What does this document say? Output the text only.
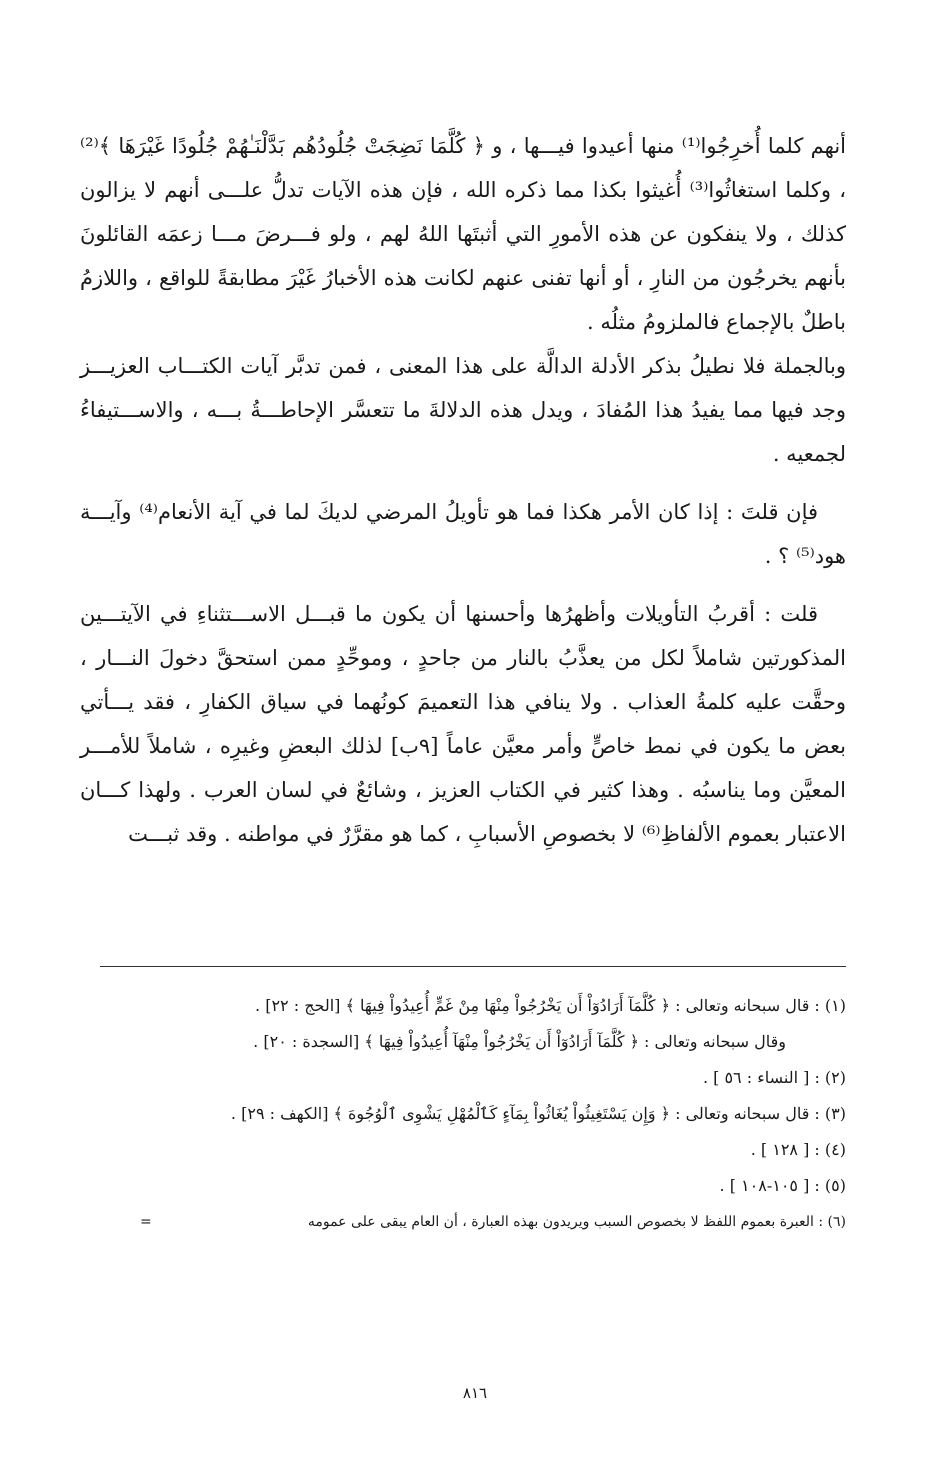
أنهم كلما أُخرِجُوا⁽¹⁾ منها أعيدوا فيـــها ، و ﴿ كُلَّمَا نَضِجَتْ جُلُودُهُم بَدَّلْنَـٰهُمْ جُلُودًا غَيْرَهَا ﴾⁽²⁾ ، وكلما استغاثُوا⁽³⁾ أُغيثوا بكذا مما ذكره الله ، فإن هذه الآيات تدلُّ علـــى أنهم لا يزالون كذلك ، ولا ينفكون عن هذه الأمورِ التي أثبتَها اللهُ لهم ، ولو فـــرضَ مـــا زعمَه القائلونَ بأنهم يخرجُون من النارِ ، أو أنها تفنى عنهم لكانت هذه الأخبارُ غَيْرَ مطابقةً للواقع ، واللازمُ باطلٌ بالإجماع فالملزومُ مثلُه .

وبالجملة فلا نطيلُ بذكر الأدلة الدالَّة على هذا المعنى ، فمن تدبَّر آيات الكتـــاب العزيـــز وجد فيها مما يفيدُ هذا المُفادَ ، ويدل هذه الدلالةَ ما تتعسَّر الإحاطـــةُ بـــه ، والاســـتيفاءُ لجمعيه .

فإن قلتَ : إذا كان الأمر هكذا فما هو تأويلُ المرضي لديكَ لما في آية الأنعام⁽⁴⁾ وآيـــة هود⁽⁵⁾ ؟ .

قلت : أقربُ التأويلات وأظهرُها وأحسنها أن يكون ما قبـــل الاســـتثناءِ في الآيتـــين المذكورتين شاملاً لكل من يعذَّبُ بالنار من جاحدٍ ، وموحِّدٍ ممن استحقَّ دخولَ النـــار ، وحقَّت عليه كلمةُ العذاب . ولا ينافي هذا التعميمَ كونُهما في سياق الكفارِ ، فقد يـــأتي بعض ما يكون في نمط خاصٍّ وأمر معيَّن عاماً [٩ب] لذلك البعضِ وغيرِه ، شاملاً للأمـــر المعيَّن وما يناسبُه . وهذا كثير في الكتاب العزيز ، وشائعٌ في لسان العرب . ولهذا كـــان الاعتبار بعموم الألفاظِ⁽⁶⁾ لا بخصوصِ الأسبابِ ، كما هو مقرَّرٌ في مواطنه . وقد ثبـــت

(١) : قال سبحانه وتعالى : ﴿ كُلَّمَآ أَرَادُوٓاْ أَن يَخْرُجُواْ مِنْهَا مِنْ غَمٍّ أُعِيدُواْ فِيهَا ﴾ [الحج : ٢٢] .
وقال سبحانه وتعالى : ﴿ كُلَّمَآ أَرَادُوٓاْ أَن يَخْرُجُواْ مِنْهَآ أُعِيدُواْ فِيهَا ﴾ [السجدة : ٢٠] .
(٢) : [ النساء : ٥٦ ] .
(٣) : قال سبحانه وتعالى : ﴿ وَإِن يَسْتَغِيثُواْ يُغَاثُواْ بِمَآءٍ كَٱلْمُهْلِ يَشْوِى ٱلْوُجُوهَ ﴾ [الكهف : ٢٩] .
(٤) : [ ١٢٨ ] .
(٥) : [ ١٠٥-١٠٨ ] .
(٦) : العبرة بعموم اللفظ لا بخصوص السبب ويريدون بهذه العبارة ، أن العام يبقى على عمومه
=
٨١٦
